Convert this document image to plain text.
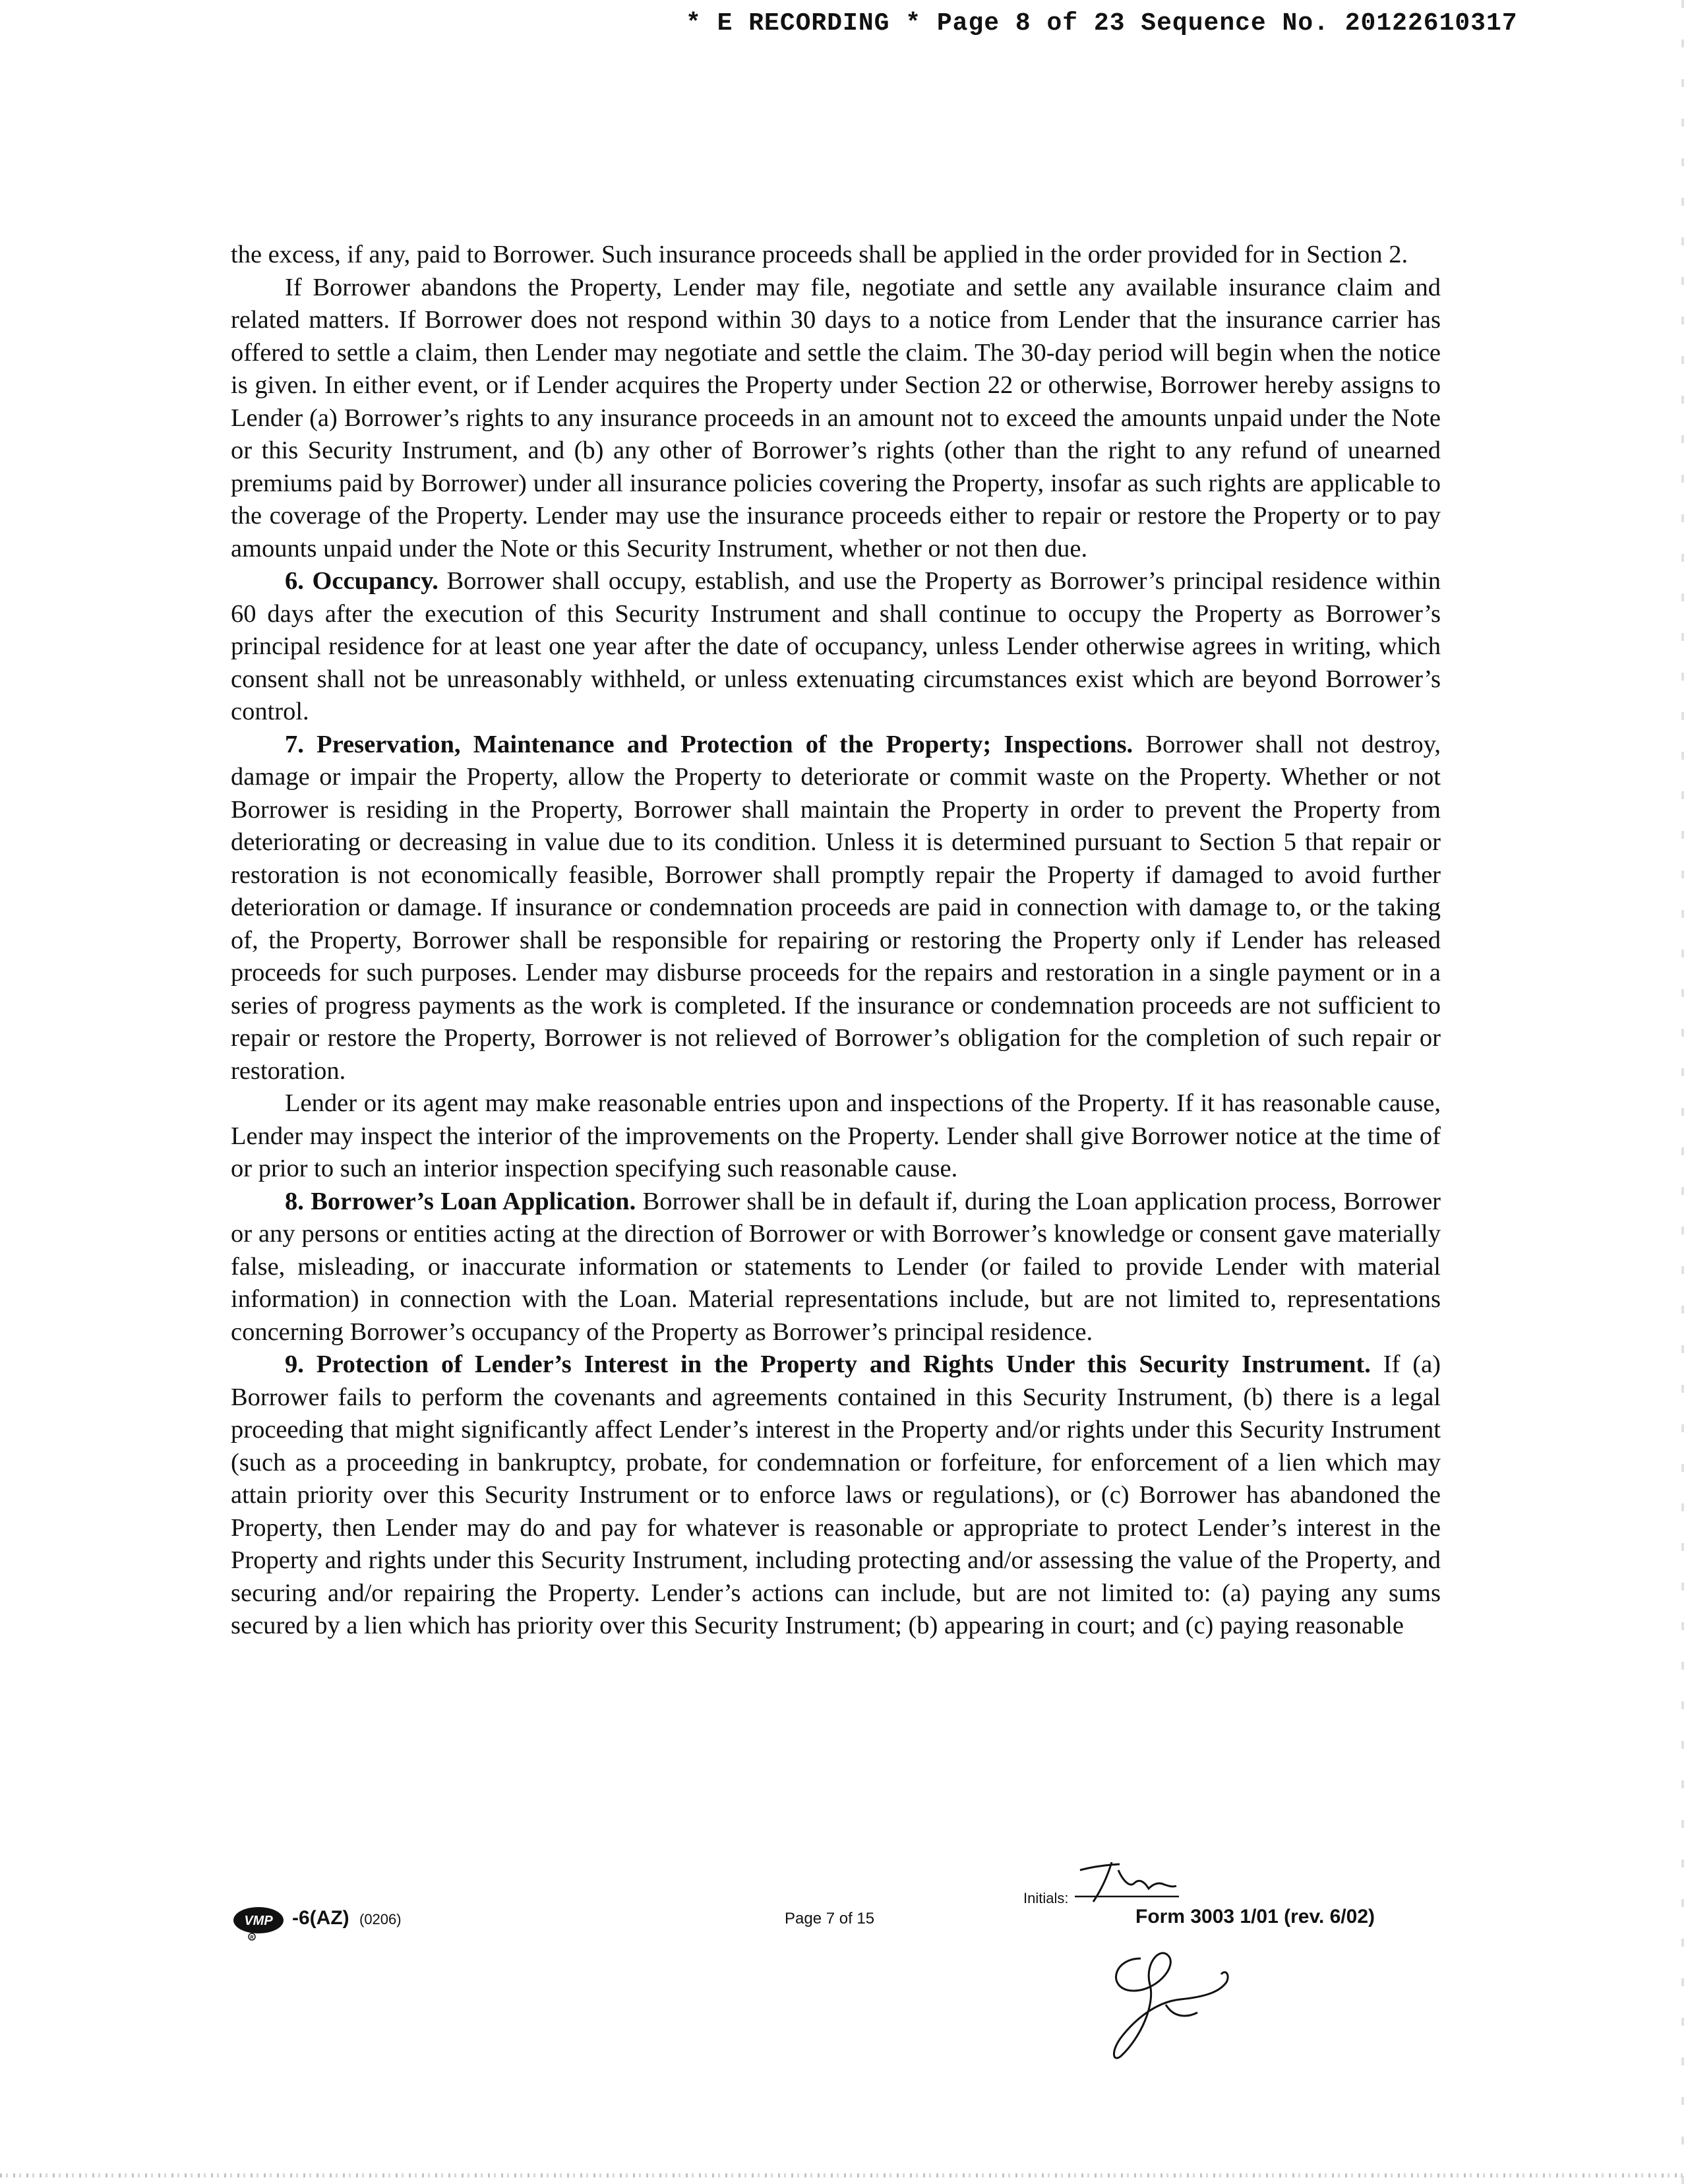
* E RECORDING * Page 8 of 23 Sequence No. 20122610317

the excess, if any, paid to Borrower. Such insurance proceeds shall be applied in the order provided for in Section 2.

If Borrower abandons the Property, Lender may file, negotiate and settle any available insurance claim and related matters. If Borrower does not respond within 30 days to a notice from Lender that the insurance carrier has offered to settle a claim, then Lender may negotiate and settle the claim. The 30-day period will begin when the notice is given. In either event, or if Lender acquires the Property under Section 22 or otherwise, Borrower hereby assigns to Lender (a) Borrower’s rights to any insurance proceeds in an amount not to exceed the amounts unpaid under the Note or this Security Instrument, and (b) any other of Borrower’s rights (other than the right to any refund of unearned premiums paid by Borrower) under all insurance policies covering the Property, insofar as such rights are applicable to the coverage of the Property. Lender may use the insurance proceeds either to repair or restore the Property or to pay amounts unpaid under the Note or this Security Instrument, whether or not then due.

6. Occupancy. Borrower shall occupy, establish, and use the Property as Borrower’s principal residence within 60 days after the execution of this Security Instrument and shall continue to occupy the Property as Borrower’s principal residence for at least one year after the date of occupancy, unless Lender otherwise agrees in writing, which consent shall not be unreasonably withheld, or unless extenuating circumstances exist which are beyond Borrower’s control.

7. Preservation, Maintenance and Protection of the Property; Inspections. Borrower shall not destroy, damage or impair the Property, allow the Property to deteriorate or commit waste on the Property. Whether or not Borrower is residing in the Property, Borrower shall maintain the Property in order to prevent the Property from deteriorating or decreasing in value due to its condition. Unless it is determined pursuant to Section 5 that repair or restoration is not economically feasible, Borrower shall promptly repair the Property if damaged to avoid further deterioration or damage. If insurance or condemnation proceeds are paid in connection with damage to, or the taking of, the Property, Borrower shall be responsible for repairing or restoring the Property only if Lender has released proceeds for such purposes. Lender may disburse proceeds for the repairs and restoration in a single payment or in a series of progress payments as the work is completed. If the insurance or condemnation proceeds are not sufficient to repair or restore the Property, Borrower is not relieved of Borrower’s obligation for the completion of such repair or restoration.

Lender or its agent may make reasonable entries upon and inspections of the Property. If it has reasonable cause, Lender may inspect the interior of the improvements on the Property. Lender shall give Borrower notice at the time of or prior to such an interior inspection specifying such reasonable cause.

8. Borrower’s Loan Application. Borrower shall be in default if, during the Loan application process, Borrower or any persons or entities acting at the direction of Borrower or with Borrower’s knowledge or consent gave materially false, misleading, or inaccurate information or statements to Lender (or failed to provide Lender with material information) in connection with the Loan. Material representations include, but are not limited to, representations concerning Borrower’s occupancy of the Property as Borrower’s principal residence.

9. Protection of Lender’s Interest in the Property and Rights Under this Security Instrument. If (a) Borrower fails to perform the covenants and agreements contained in this Security Instrument, (b) there is a legal proceeding that might significantly affect Lender’s interest in the Property and/or rights under this Security Instrument (such as a proceeding in bankruptcy, probate, for condemnation or forfeiture, for enforcement of a lien which may attain priority over this Security Instrument or to enforce laws or regulations), or (c) Borrower has abandoned the Property, then Lender may do and pay for whatever is reasonable or appropriate to protect Lender’s interest in the Property and rights under this Security Instrument, including protecting and/or assessing the value of the Property, and securing and/or repairing the Property. Lender’s actions can include, but are not limited to: (a) paying any sums secured by a lien which has priority over this Security Instrument; (b) appearing in court; and (c) paying reasonable

VMP
R
-6(AZ) (0206)	Page 7 of 15
Initials:
Form 3003 1/01 (rev. 6/02)
